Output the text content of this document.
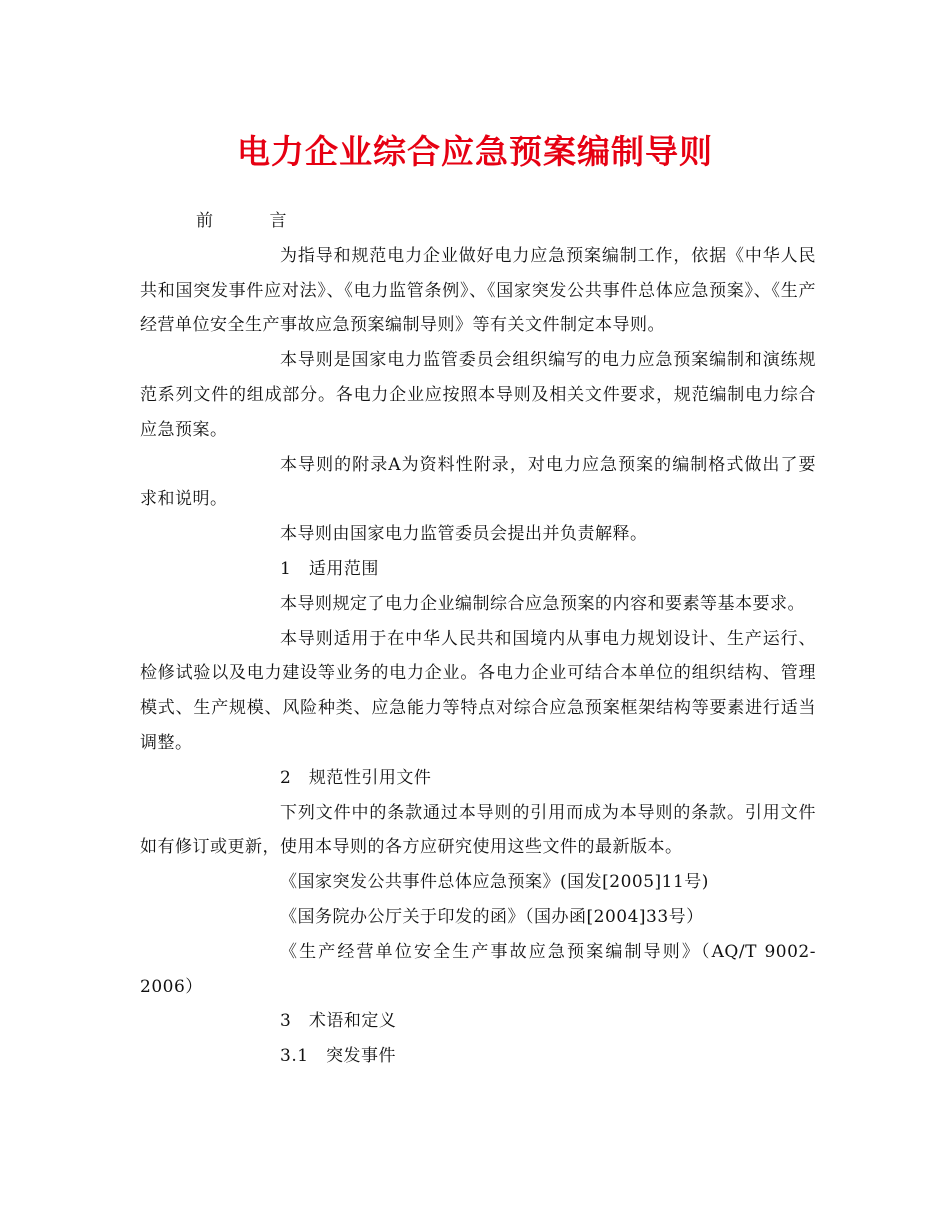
电力企业综合应急预案编制导则

前	言

为指导和规范电力企业做好电力应急预案编制工作，依据《中华人民共和国突发事件应对法》、《电力监管条例》、《国家突发公共事件总体应急预案》、《生产经营单位安全生产事故应急预案编制导则》等有关文件制定本导则。

本导则是国家电力监管委员会组织编写的电力应急预案编制和演练规范系列文件的组成部分。各电力企业应按照本导则及相关文件要求，规范编制电力综合应急预案。

本导则的附录A为资料性附录，对电力应急预案的编制格式做出了要求和说明。

本导则由国家电力监管委员会提出并负责解释。

1　适用范围

本导则规定了电力企业编制综合应急预案的内容和要素等基本要求。

本导则适用于在中华人民共和国境内从事电力规划设计、生产运行、检修试验以及电力建设等业务的电力企业。各电力企业可结合本单位的组织结构、管理模式、生产规模、风险种类、应急能力等特点对综合应急预案框架结构等要素进行适当调整。

2　规范性引用文件

下列文件中的条款通过本导则的引用而成为本导则的条款。引用文件如有修订或更新，使用本导则的各方应研究使用这些文件的最新版本。

《国家突发公共事件总体应急预案》(国发[2005]11号)

《国务院办公厅关于印发的函》（国办函[2004]33号）

《生产经营单位安全生产事故应急预案编制导则》（AQ/T 9002-2006）

3　术语和定义

3.1　突发事件
